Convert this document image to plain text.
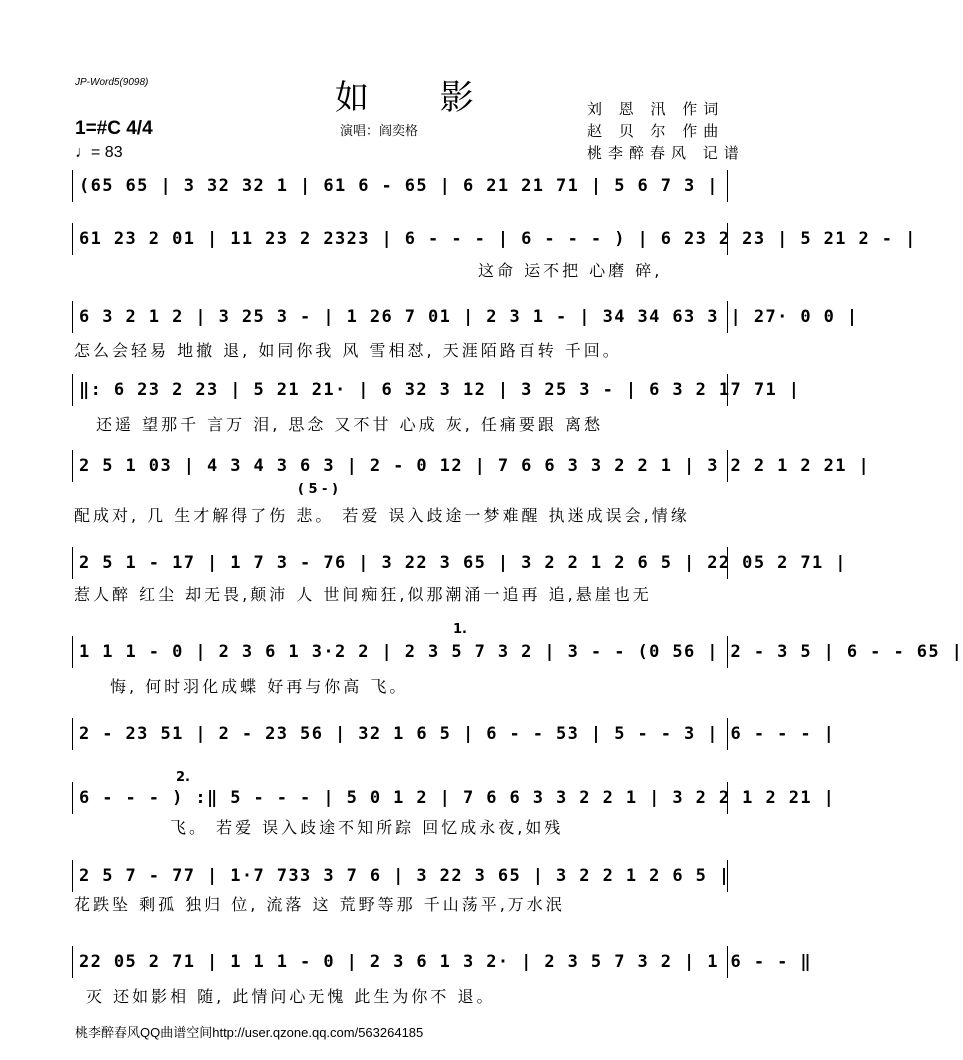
JP-Word5(9098)	如 影
演唱：阎奕格
刘 恩 汛 作词
赵 贝 尔 作曲
桃李醉春风 记谱
1=#C 4/4
♩= 83
(65 65 | 3 32 32 1 | 61 6 - 65 | 6 21 21 71 | 5 6 7 3 |
61 23 2 01 | 11 23 2 2323 | 6 - - - | 6 - - - ) | 6 23 2 23 | 5 21 2 - |
这命 运不把 心磨 碎,
6 3 2 1 2 | 3 25 3 - | 1 26 7 01 | 2 3 1 - | 34 34 63 3 | 27· 0 0 |
怎么会轻易 地撤 退, 如同你我 风 雪相怼, 天涯陌路百转 千回。
‖: 6 23 2 23 | 5 21 21· | 6 32 3 12 | 3 25 3 - | 6 3 2 17 71 |
还遥 望那千 言万 泪, 思念 又不甘 心成 灰, 任痛要跟 离愁
2 5 1 03 | 4 3 4 3 6 3 | 2 - 0 12 | 7 6 6 3 3 2 2 1 | 3 2 2 1 2 21 |
( 5 - )
配成对, 几 生才解得了伤 悲。 若爱 误入歧途一梦难醒 执迷成误会,情缘
2 5 1 - 17 | 1 7 3 - 76 | 3 22 3 65 | 3 2 2 1 2 6 5 | 22 05 2 71 |
惹人醉 红尘 却无畏,颠沛 人 世间痴狂,似那潮涌一追再 追,悬崖也无
1.
1 1 1 - 0 | 2 3 6 1 3·2 2 | 2 3 5 7 3 2 | 3 - - (0 56 | 2 - 3 5 | 6 - - 65 |
悔, 何时羽化成蝶 好再与你高 飞。
2 - 23 51 | 2 - 23 56 | 32 1 6 5 | 6 - - 53 | 5 - - 3 | 6 - - - |
2.
6 - - - ) :‖ 5 - - - | 5 0 1 2 | 7 6 6 3 3 2 2 1 | 3 2 2 1 2 21 |
飞。 若爱 误入歧途不知所踪 回忆成永夜,如残
2 5 7 - 77 | 1·7 733 3 7 6 | 3 22 3 65 | 3 2 2 1 2 6 5 |
花跌坠 剩孤 独归 位, 流落 这 荒野等那 千山荡平,万水泯
22 05 2 71 | 1 1 1 - 0 | 2 3 6 1 3 2· | 2 3 5 7 3 2 | 1 6 - - ‖
灭 还如影相 随, 此情问心无愧 此生为你不 退。
桃李醉春风QQ曲谱空间http://user.qzone.qq.com/563264185
